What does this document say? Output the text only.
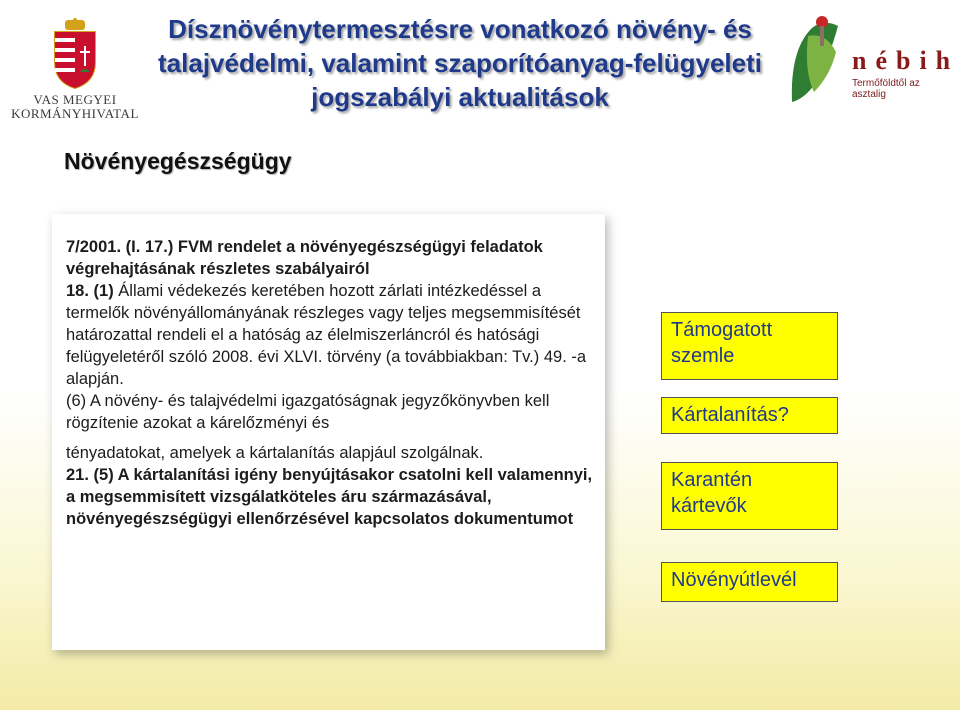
VAS MEGYEI
KORMÁNYHIVATAL
Dísznövénytermesztésre vonatkozó növény- és
talajvédelmi, valamint szaporítóanyag-felügyeleti
jogszabályi aktualitások
nébih
Termőföldtől az asztalig
Növényegészségügy

7/2001. (I. 17.) FVM rendelet a növényegészségügyi feladatok végrehajtásának részletes szabályairól

18. (1) Állami védekezés keretében hozott zárlati intézkedéssel a termelők növényállományának részleges vagy teljes megsemmisítését határozattal rendeli el a hatóság az élelmiszerláncról és hatósági felügyeletéről szóló 2008. évi XLVI. törvény (a továbbiakban: Tv.) 49. -a alapján.

(6) A növény- és talajvédelmi igazgatóságnak jegyzőkönyvben kell rögzítenie azokat a kárelőzményi és

tényadatokat, amelyek a kártalanítás alapjául szolgálnak.

21. (5) A kártalanítási igény benyújtásakor csatolni kell valamennyi, a megsemmisített vizsgálatköteles áru származásával, növényegészségügyi ellenőrzésével kapcsolatos dokumentumot

Támogatott szemle
Kártalanítás?
Karantén kártevők
Növényútlevél
